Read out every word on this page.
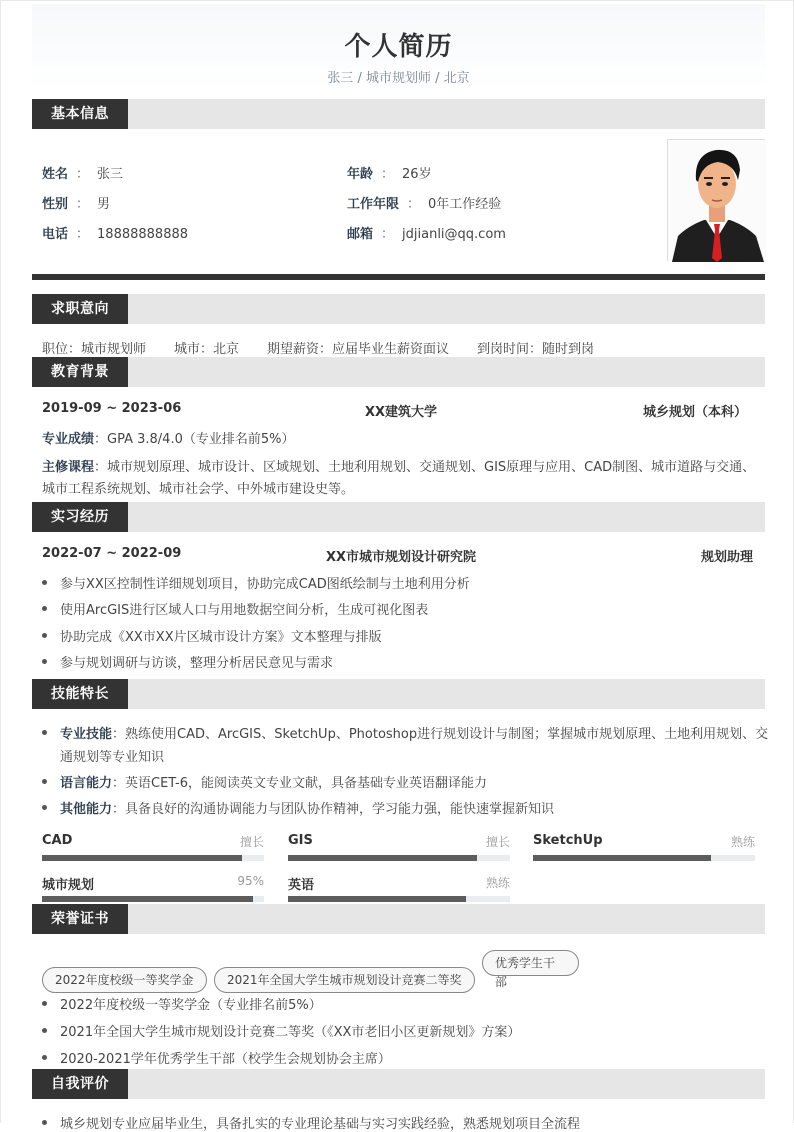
个人简历
张三 / 城市规划师 / 北京
基本信息
姓名 ： 张三
性别 ： 男
电话 ： 18888888888
年龄 ： 26岁
工作年限 ： 0年工作经验
邮箱 ： jdjianli@qq.com
求职意向
职位：城市规划师 城市：北京 期望薪资：应届毕业生薪资面议 到岗时间：随时到岗
教育背景
2019-09 ~ 2023-06	XX建筑大学	城乡规划（本科）
专业成绩：GPA 3.8/4.0（专业排名前5%）
主修课程：城市规划原理、城市设计、区域规划、土地利用规划、交通规划、GIS原理与应用、CAD制图、城市道路与交通、
城市工程系统规划、城市社会学、中外城市建设史等。
实习经历
2022-07 ~ 2022-09	XX市城市规划设计研究院	规划助理
参与XX区控制性详细规划项目，协助完成CAD图纸绘制与土地利用分析
使用ArcGIS进行区域人口与用地数据空间分析，生成可视化图表
协助完成《XX市XX片区城市设计方案》文本整理与排版
参与规划调研与访谈，整理分析居民意见与需求
技能特长
专业技能：熟练使用CAD、ArcGIS、SketchUp、Photoshop进行规划设计与制图；掌握城市规划原理、土地利用规划、交
通规划等专业知识
语言能力：英语CET-6，能阅读英文专业文献，具备基础专业英语翻译能力
其他能力：具备良好的沟通协调能力与团队协作精神，学习能力强，能快速掌握新知识
CAD	擅长 GIS	擅长 SketchUp	熟练
城市规划	95% 英语	熟练
荣誉证书
2022年度校级一等奖学金	2021年全国大学生城市规划设计竞赛二等奖
优秀学生干
部
2022年度校级一等奖学金（专业排名前5%）
2021年全国大学生城市规划设计竞赛二等奖（《XX市老旧小区更新规划》方案）
2020-2021学年优秀学生干部（校学生会规划协会主席）
自我评价
城乡规划专业应届毕业生，具备扎实的专业理论基础与实习实践经验，熟悉规划项目全流程
